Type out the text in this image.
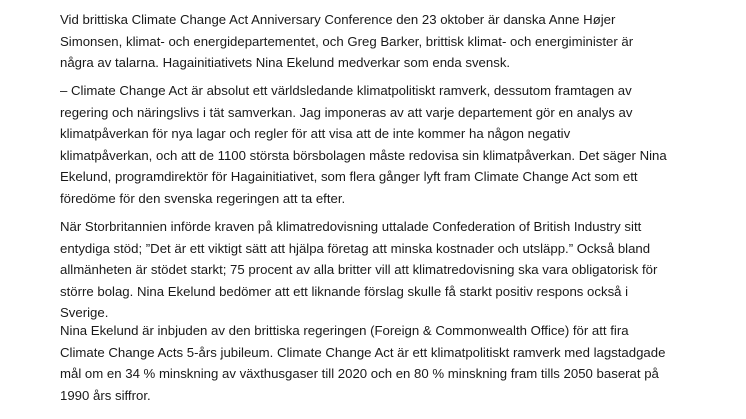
Vid brittiska Climate Change Act Anniversary Conference den 23 oktober är danska Anne Højer
Simonsen, klimat- och energidepartementet, och Greg Barker, brittisk klimat- och energiminister är
några av talarna. Hagainitiativets Nina Ekelund medverkar som enda svensk.

– Climate Change Act är absolut ett världsledande klimatpolitiskt ramverk, dessutom framtagen av
regering och näringslivs i tät samverkan. Jag imponeras av att varje departement gör en analys av
klimatpåverkan för nya lagar och regler för att visa att de inte kommer ha någon negativ
klimatpåverkan, och att de 1100 största börsbolagen måste redovisa sin klimatpåverkan. Det säger Nina
Ekelund, programdirektör för Hagainitiativet, som flera gånger lyft fram Climate Change Act som ett
föredöme för den svenska regeringen att ta efter.

När Storbritannien införde kraven på klimatredovisning uttalade Confederation of British Industry sitt
entydiga stöd; ”Det är ett viktigt sätt att hjälpa företag att minska kostnader och utsläpp.” Också bland
allmänheten är stödet starkt; 75 procent av alla britter vill att klimatredovisning ska vara obligatorisk för
större bolag. Nina Ekelund bedömer att ett liknande förslag skulle få starkt positiv respons också i
Sverige.

Nina Ekelund är inbjuden av den brittiska regeringen (Foreign & Commonwealth Office) för att fira
Climate Change Acts 5-års jubileum. Climate Change Act är ett klimatpolitiskt ramverk med lagstadgade
mål om en 34 % minskning av växthusgaser till 2020 och en 80 % minskning fram tills 2050 baserat på
1990 års siffror.
